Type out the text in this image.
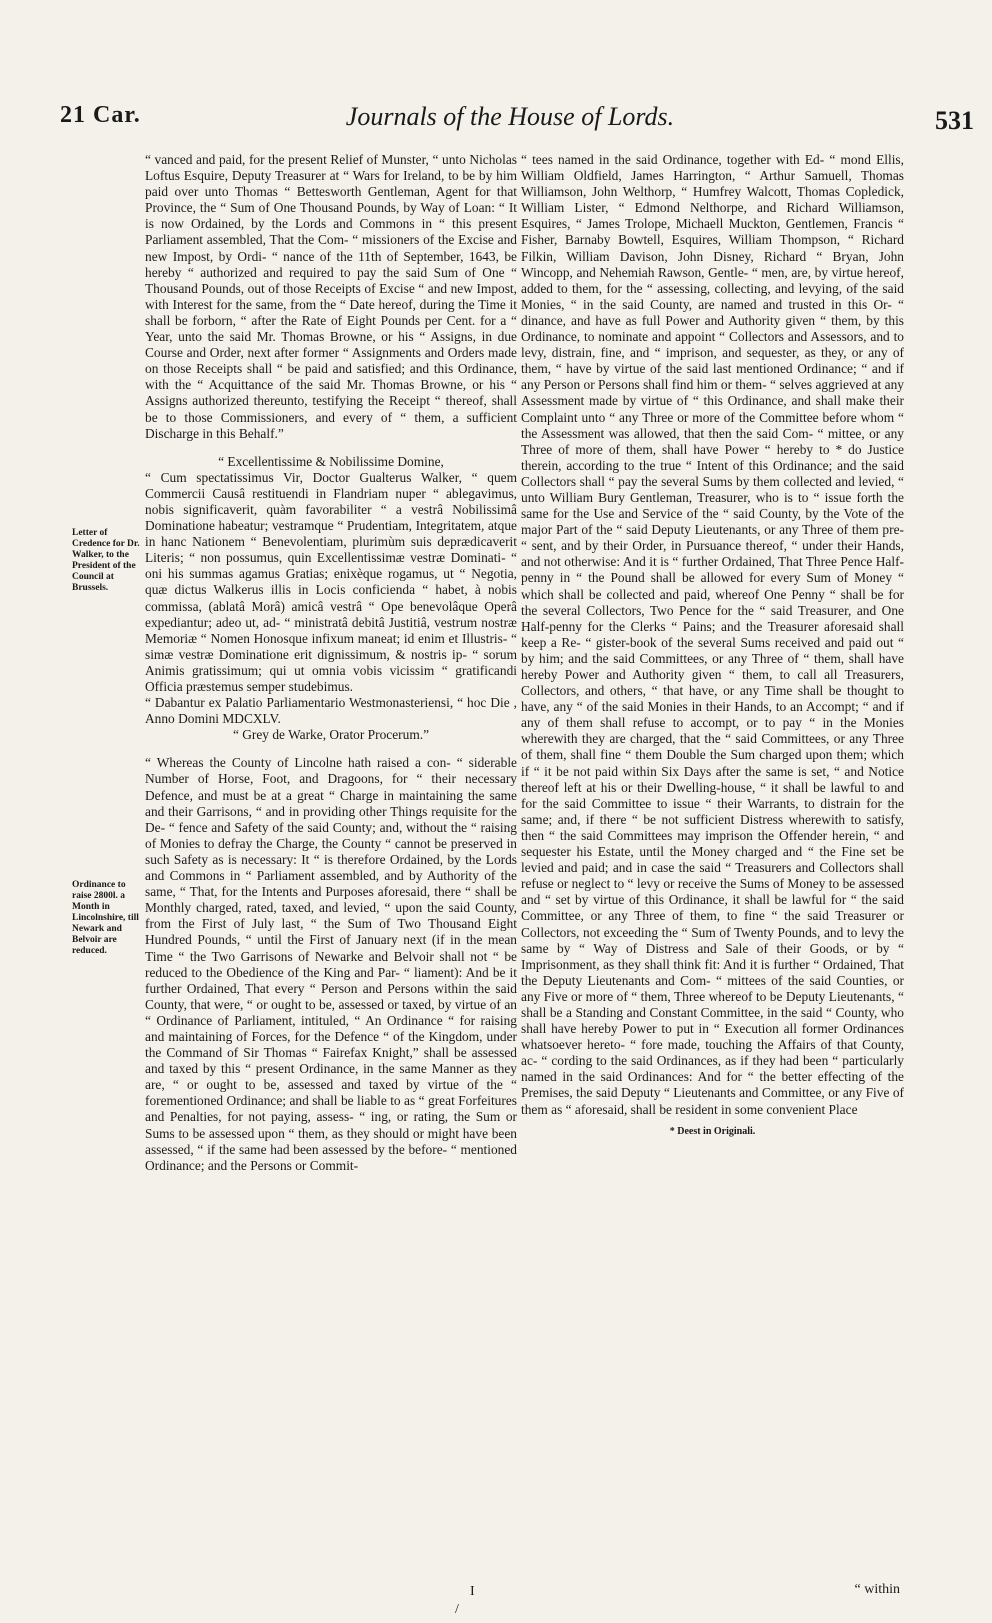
21 Car.	Journals of the House of Lords.	531
Letter of Credence for Dr. Walker, to the President of the Council at Brussels.
Ordinance to raise 2800l. a Month in Lincolnshire, till Newark and Belvoir are reduced.

“ vanced and paid, for the present Relief of Munster, “ unto Nicholas Loftus Esquire, Deputy Treasurer at “ Wars for Ireland, to be by him paid over unto Thomas “ Bettesworth Gentleman, Agent for that Province, the “ Sum of One Thousand Pounds, by Way of Loan: “ It is now Ordained, by the Lords and Commons in “ this present Parliament assembled, That the Com- “ missioners of the Excise and new Impost, by Ordi- “ nance of the 11th of September, 1643, be hereby “ authorized and required to pay the said Sum of One “ Thousand Pounds, out of those Receipts of Excise “ and new Impost, with Interest for the same, from the “ Date hereof, during the Time it shall be forborn, “ after the Rate of Eight Pounds per Cent. for a “ Year, unto the said Mr. Thomas Browne, or his “ Assigns, in due Course and Order, next after former “ Assignments and Orders made on those Receipts shall “ be paid and satisfied; and this Ordinance, with the “ Acquittance of the said Mr. Thomas Browne, or his “ Assigns authorized thereunto, testifying the Receipt “ thereof, shall be to those Commissioners, and every of “ them, a sufficient Discharge in this Behalf.”

“ Excellentissime & Nobilissime Domine,

“ Cum spectatissimus Vir, Doctor Gualterus Walker, “ quem Commercii Causâ restituendi in Flandriam nuper “ ablegavimus, nobis significaverit, quàm favorabiliter “ a vestrâ Nobilissimâ Dominatione habeatur; vestramque “ Prudentiam, Integritatem, atque in hanc Nationem “ Benevolentiam, plurimùm suis deprædicaverit Literis; “ non possumus, quin Excellentissimæ vestræ Dominati- “ oni his summas agamus Gratias; enixèque rogamus, ut “ Negotia, quæ dictus Walkerus illis in Locis conficienda “ habet, à nobis commissa, (ablatâ Morâ) amicâ vestrâ “ Ope benevolâque Operâ expediantur; adeo ut, ad- “ ministratâ debitâ Justitiâ, vestrum nostræ Memoriæ “ Nomen Honosque infixum maneat; id enim et Illustris- “ simæ vestræ Dominatione erit dignissimum, & nostris ip- “ sorum Animis gratissimum; qui ut omnia vobis vicissim “ gratificandi Officia præstemus semper studebimus.

“ Dabantur ex Palatio Parliamentario Westmonasteriensi, “ hoc Die , Anno Domini MDCXLV.

“ Grey de Warke, Orator Procerum.”

“ Whereas the County of Lincolne hath raised a con- “ siderable Number of Horse, Foot, and Dragoons, for “ their necessary Defence, and must be at a great “ Charge in maintaining the same and their Garrisons, “ and in providing other Things requisite for the De- “ fence and Safety of the said County; and, without the “ raising of Monies to defray the Charge, the County “ cannot be preserved in such Safety as is necessary: It “ is therefore Ordained, by the Lords and Commons in “ Parliament assembled, and by Authority of the same, “ That, for the Intents and Purposes aforesaid, there “ shall be Monthly charged, rated, taxed, and levied, “ upon the said County, from the First of July last, “ the Sum of Two Thousand Eight Hundred Pounds, “ until the First of January next (if in the mean Time “ the Two Garrisons of Newarke and Belvoir shall not “ be reduced to the Obedience of the King and Par- “ liament): And be it further Ordained, That every “ Person and Persons within the said County, that were, “ or ought to be, assessed or taxed, by virtue of an “ Ordinance of Parliament, intituled, “ An Ordinance “ for raising and maintaining of Forces, for the Defence “ of the Kingdom, under the Command of Sir Thomas “ Fairefax Knight,” shall be assessed and taxed by this “ present Ordinance, in the same Manner as they are, “ or ought to be, assessed and taxed by virtue of the “ forementioned Ordinance; and shall be liable to as “ great Forfeitures and Penalties, for not paying, assess- “ ing, or rating, the Sum or Sums to be assessed upon “ them, as they should or might have been assessed, “ if the same had been assessed by the before- “ mentioned Ordinance; and the Persons or Commit-

“ tees named in the said Ordinance, together with Ed- “ mond Ellis, William Oldfield, James Harrington, “ Arthur Samuell, Thomas Williamson, John Welthorp, “ Humfrey Walcott, Thomas Copledick, William Lister, “ Edmond Nelthorpe, and Richard Williamson, Esquires, “ James Trolope, Michaell Muckton, Gentlemen, Francis “ Fisher, Barnaby Bowtell, Esquires, William Thompson, “ Richard Filkin, William Davison, John Disney, Richard “ Bryan, John Wincopp, and Nehemiah Rawson, Gentle- “ men, are, by virtue hereof, added to them, for the “ assessing, collecting, and levying, of the said Monies, “ in the said County, are named and trusted in this Or- “ dinance, and have as full Power and Authority given “ them, by this Ordinance, to nominate and appoint “ Collectors and Assessors, and to levy, distrain, fine, and “ imprison, and sequester, as they, or any of them, “ have by virtue of the said last mentioned Ordinance; “ and if any Person or Persons shall find him or them- “ selves aggrieved at any Assessment made by virtue of “ this Ordinance, and shall make their Complaint unto “ any Three or more of the Committee before whom “ the Assessment was allowed, that then the said Com- “ mittee, or any Three of more of them, shall have Power “ hereby to * do Justice therein, according to the true “ Intent of this Ordinance; and the said Collectors shall “ pay the several Sums by them collected and levied, “ unto William Bury Gentleman, Treasurer, who is to “ issue forth the same for the Use and Service of the “ said County, by the Vote of the major Part of the “ said Deputy Lieutenants, or any Three of them pre- “ sent, and by their Order, in Pursuance thereof, “ under their Hands, and not otherwise: And it is “ further Ordained, That Three Pence Half-penny in “ the Pound shall be allowed for every Sum of Money “ which shall be collected and paid, whereof One Penny “ shall be for the several Collectors, Two Pence for the “ said Treasurer, and One Half-penny for the Clerks “ Pains; and the Treasurer aforesaid shall keep a Re- “ gister-book of the several Sums received and paid out “ by him; and the said Committees, or any Three of “ them, shall have hereby Power and Authority given “ them, to call all Treasurers, Collectors, and others, “ that have, or any Time shall be thought to have, any “ of the said Monies in their Hands, to an Accompt; “ and if any of them shall refuse to accompt, or to pay “ in the Monies wherewith they are charged, that the “ said Committees, or any Three of them, shall fine “ them Double the Sum charged upon them; which if “ it be not paid within Six Days after the same is set, “ and Notice thereof left at his or their Dwelling-house, “ it shall be lawful to and for the said Committee to issue “ their Warrants, to distrain for the same; and, if there “ be not sufficient Distress wherewith to satisfy, then “ the said Committees may imprison the Offender herein, “ and sequester his Estate, until the Money charged and “ the Fine set be levied and paid; and in case the said “ Treasurers and Collectors shall refuse or neglect to “ levy or receive the Sums of Money to be assessed and “ set by virtue of this Ordinance, it shall be lawful for “ the said Committee, or any Three of them, to fine “ the said Treasurer or Collectors, not exceeding the “ Sum of Twenty Pounds, and to levy the same by “ Way of Distress and Sale of their Goods, or by “ Imprisonment, as they shall think fit: And it is further “ Ordained, That the Deputy Lieutenants and Com- “ mittees of the said Counties, or any Five or more of “ them, Three whereof to be Deputy Lieutenants, “ shall be a Standing and Constant Committee, in the said “ County, who shall have hereby Power to put in “ Execution all former Ordinances whatsoever hereto- “ fore made, touching the Affairs of that County, ac- “ cording to the said Ordinances, as if they had been “ particularly named in the said Ordinances: And for “ the better effecting of the Premises, the said Deputy “ Lieutenants and Committee, or any Five of them as “ aforesaid, shall be resident in some convenient Place

* Deest in Originali.
“ within
I
/
